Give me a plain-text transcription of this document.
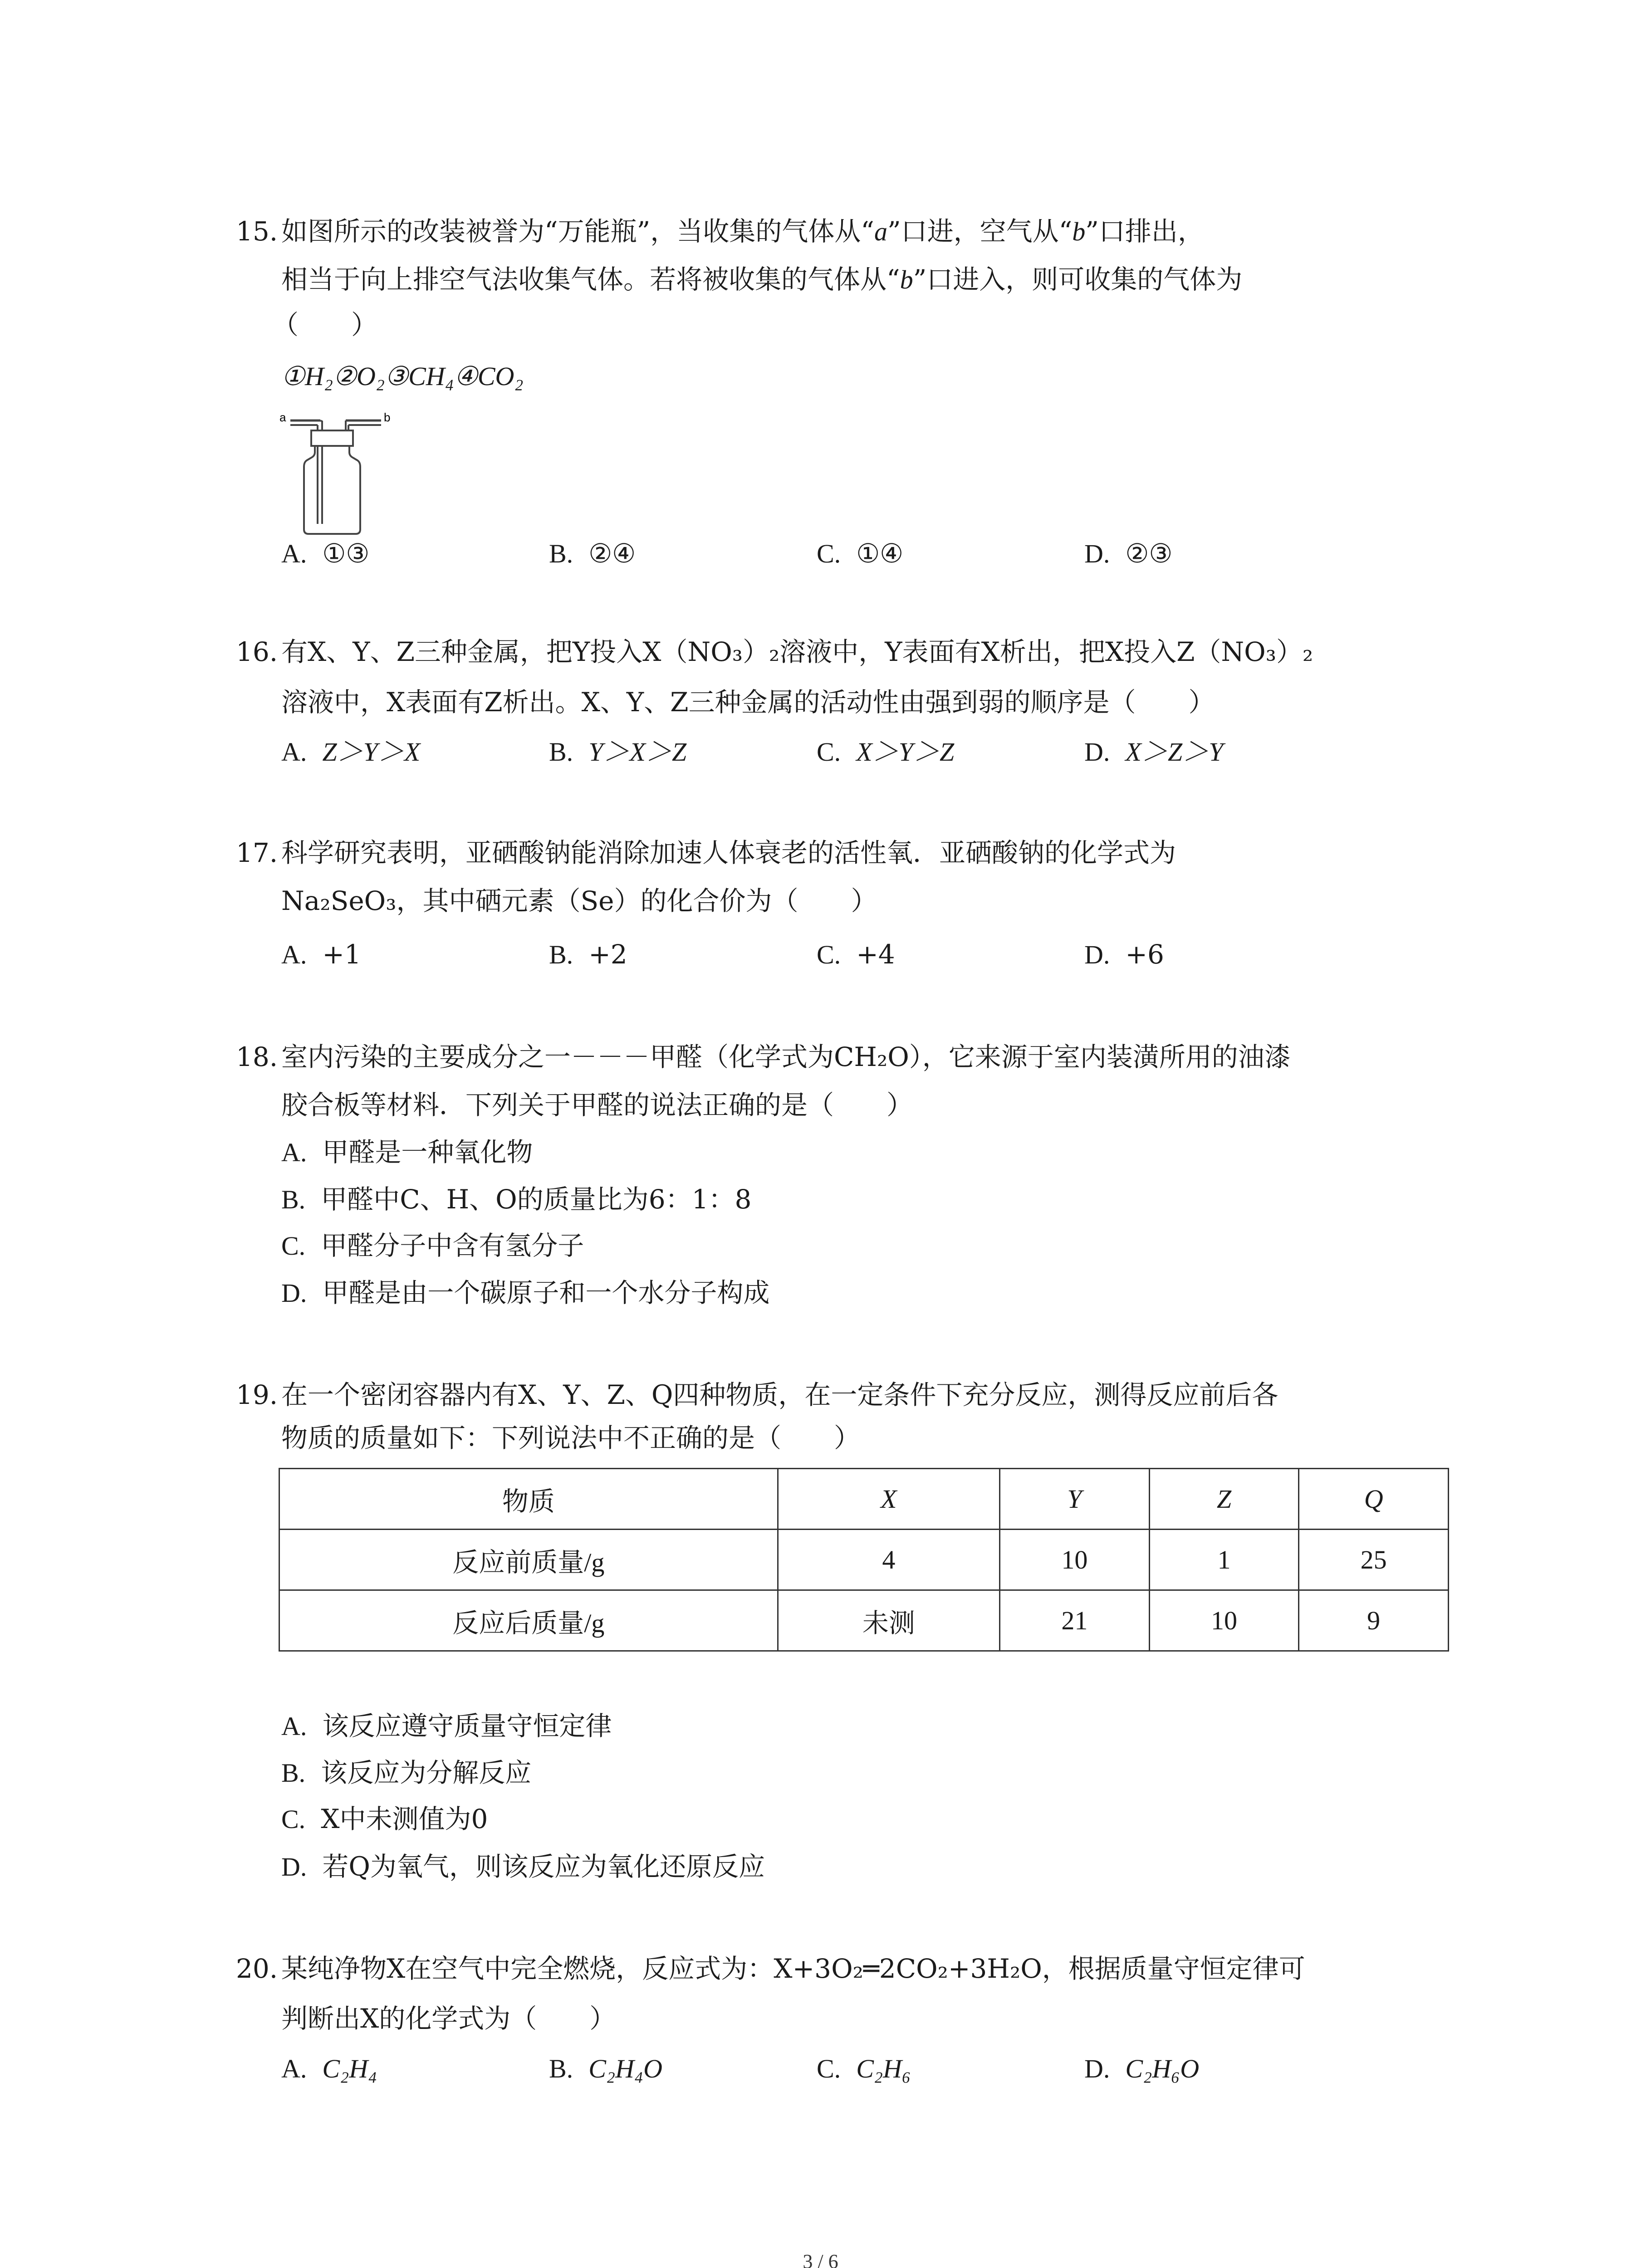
15. 如图所示的改装被誉为“万能瓶”，当收集的气体从“a”口进，空气从“b”口排出，
相当于向上排空气法收集气体。若将被收集的气体从“b”口进入，则可收集的气体为
（　　）
①H₂②O₂③CH₄④CO₂
a	b
A. ①③	B. ②④	C. ①④	D. ②③
16. 有X、Y、Z三种金属，把Y投入X（NO₃）₂溶液中，Y表面有X析出，把X投入Z（NO₃）₂
溶液中，X表面有Z析出。X、Y、Z三种金属的活动性由强到弱的顺序是（　　）
A. Z＞Y＞X	B. Y＞X＞Z	C. X＞Y＞Z	D. X＞Z＞Y
17. 科学研究表明，亚硒酸钠能消除加速人体衰老的活性氧．亚硒酸钠的化学式为
Na₂SeO₃，其中硒元素（Se）的化合价为（　　）
A. +1	B. +2	C. +4	D. +6
18. 室内污染的主要成分之一－－－甲醛（化学式为CH₂O），它来源于室内装潢所用的油漆
胶合板等材料．下列关于甲醛的说法正确的是（　　）
A. 甲醛是一种氧化物
B. 甲醛中C、H、O的质量比为6：1：8
C. 甲醛分子中含有氢分子
D. 甲醛是由一个碳原子和一个水分子构成
19. 在一个密闭容器内有X、Y、Z、Q四种物质，在一定条件下充分反应，测得反应前后各
物质的质量如下：下列说法中不正确的是（　　）
物质	X	Y	Z	Q
反应前质量/g	4	10	1	25
反应后质量/g	未测	21	10	9
A. 该反应遵守质量守恒定律
B. 该反应为分解反应
C. X中未测值为0
D. 若Q为氧气，则该反应为氧化还原反应
20. 某纯净物X在空气中完全燃烧，反应式为：X+3O₂═2CO₂+3H₂O，根据质量守恒定律可
判断出X的化学式为（　　）
A. C₂H₄	B. C₂H₄O	C. C₂H₆	D. C₂H₆O
3 / 6
